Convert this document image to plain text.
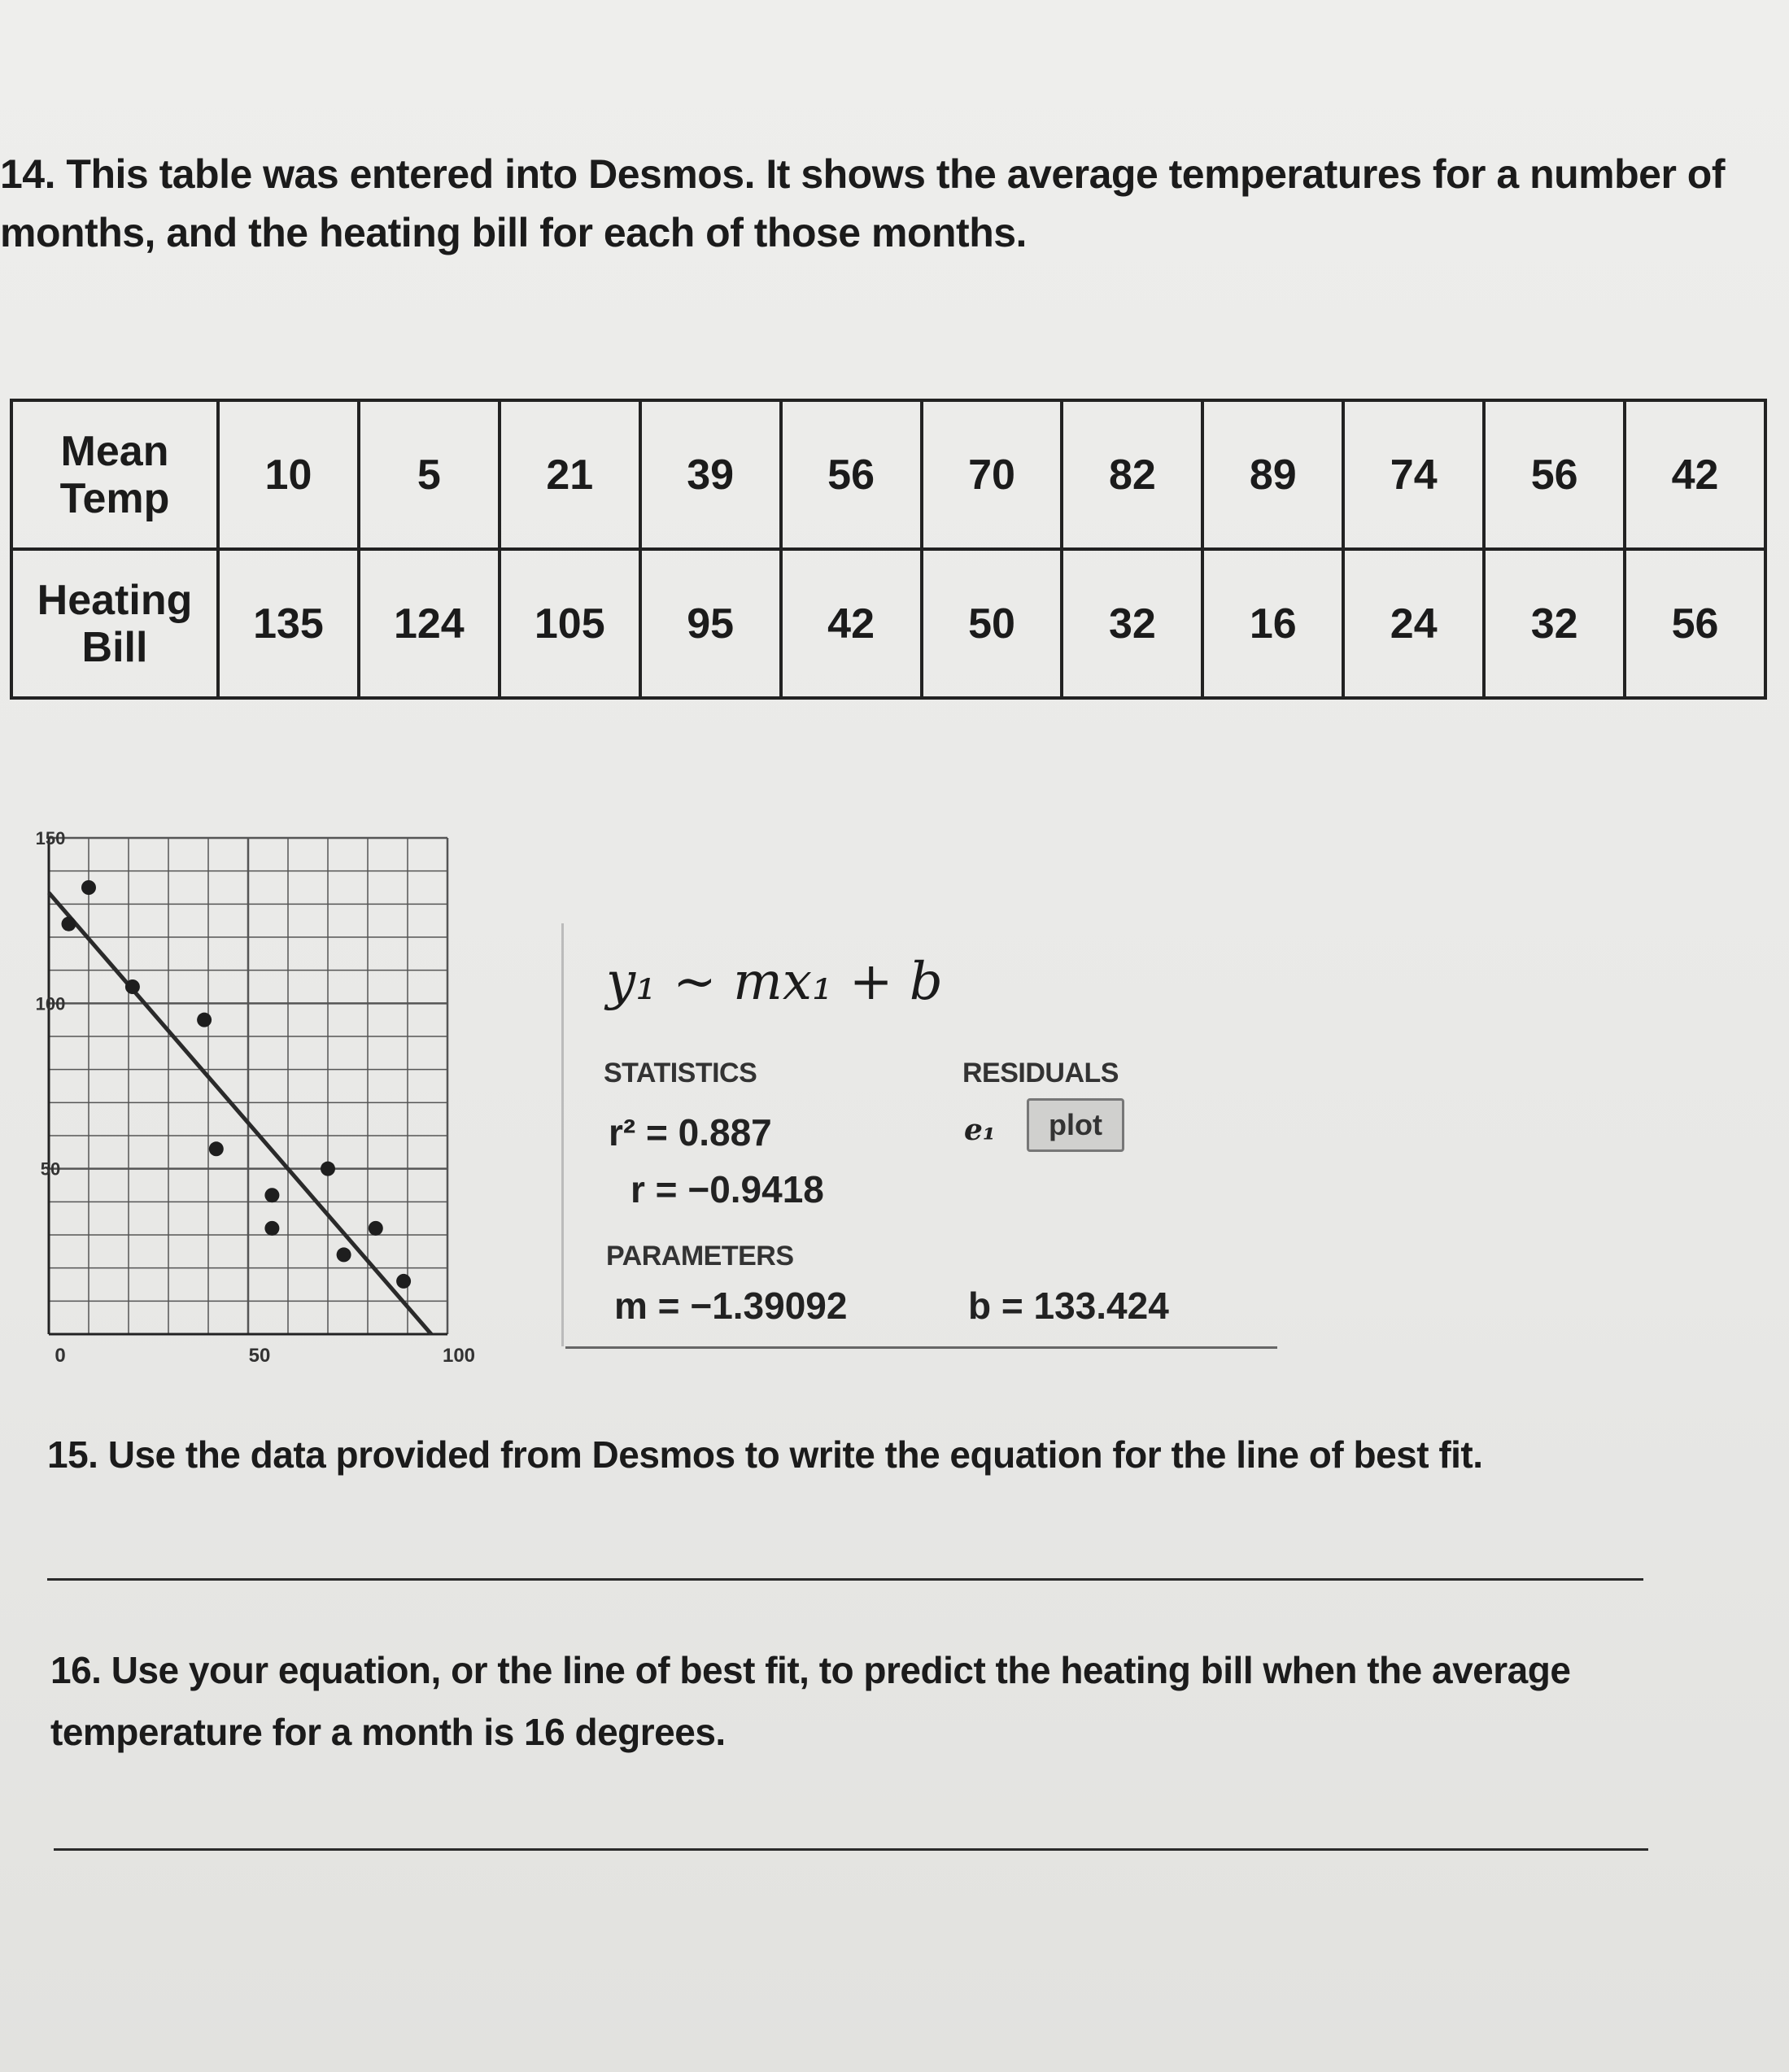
14. This table was entered into Desmos. It shows the average temperatures for a number of months, and the heating bill for each of those months.
Mean Temp	10	5	21	39	56	70	82	89	74	56	42
Heating Bill	135	124	105	95	42	50	32	16	24	32	56
0	50	100
50
100
150
y₁ ~ mx₁ + b
STATISTICS	RESIDUALS
r² = 0.887
r = −0.9418
e₁	plot
PARAMETERS
m = −1.39092	b = 133.424
15. Use the data provided from Desmos to write the equation for the line of best fit.
16. Use your equation, or the line of best fit, to predict the heating bill when the average temperature for a month is 16 degrees.
